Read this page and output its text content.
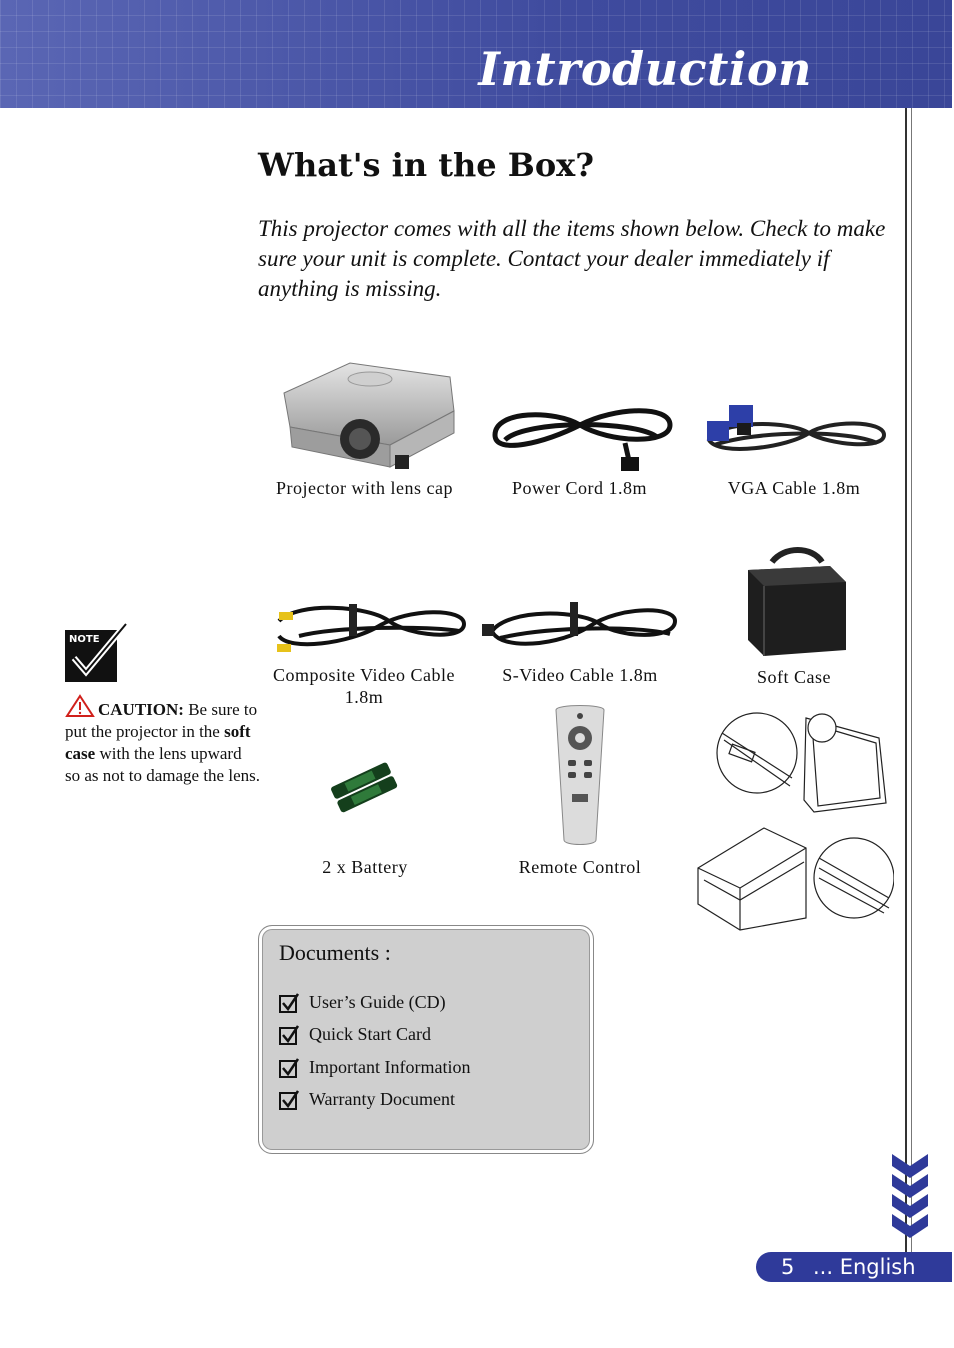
Introduction
What's in the Box?
This projector comes with all the items shown below. Check to make sure your unit is complete. Contact your dealer immediately if anything is missing.
Projector with lens cap	Power Cord 1.8m	VGA Cable 1.8m
Composite Video Cable
1.8m
S-Video Cable 1.8m	Soft Case
2 x Battery	Remote Control
NOTE
CAUTION: Be sure to put the projector in the soft case with the lens upward so as not to damage the lens.
Documents :
User’s Guide (CD)
Quick Start Card
Important Information
Warranty Document
5 ... English
